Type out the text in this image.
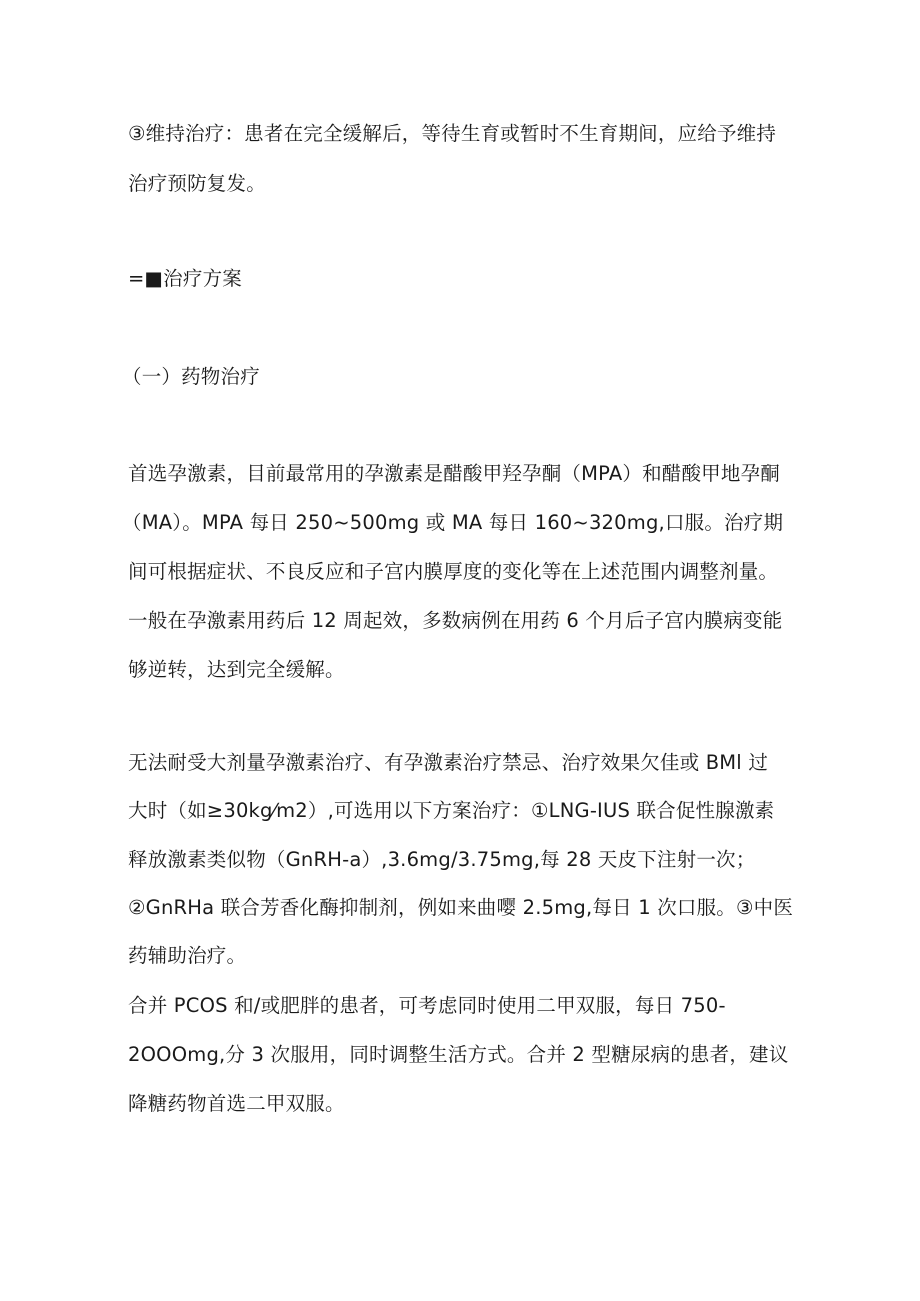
③维持治疗：患者在完全缓解后，等待生育或暂时不生育期间，应给予维持
治疗预防复发。
=■治疗方案
（一）药物治疗
首选孕激素，目前最常用的孕激素是醋酸甲羟孕酮（MPA）和醋酸甲地孕酮
（MA）。MPA 每日 250~500mg 或 MA 每日 160~320mg,口服。治疗期
间可根据症状、不良反应和子宫内膜厚度的变化等在上述范围内调整剂量。
一般在孕激素用药后 12 周起效，多数病例在用药 6 个月后子宫内膜病变能
够逆转，达到完全缓解。
无法耐受大剂量孕激素治疗、有孕激素治疗禁忌、治疗效果欠佳或 BMl 过
大时（如≥30kg⁄m2）,可选用以下方案治疗：①LNG-IUS 联合促性腺激素
释放激素类似物（GnRH-a）,3.6mg/3.75mg,每 28 天皮下注射一次；
②GnRHa 联合芳香化酶抑制剂，例如来曲嘤 2.5mg,每日 1 次口服。③中医
药辅助治疗。
合并 PCOS 和/或肥胖的患者，可考虑同时使用二甲双服，每日 750-
2OOOmg,分 3 次服用，同时调整生活方式。合并 2 型糖尿病的患者，建议
降糖药物首选二甲双服。
